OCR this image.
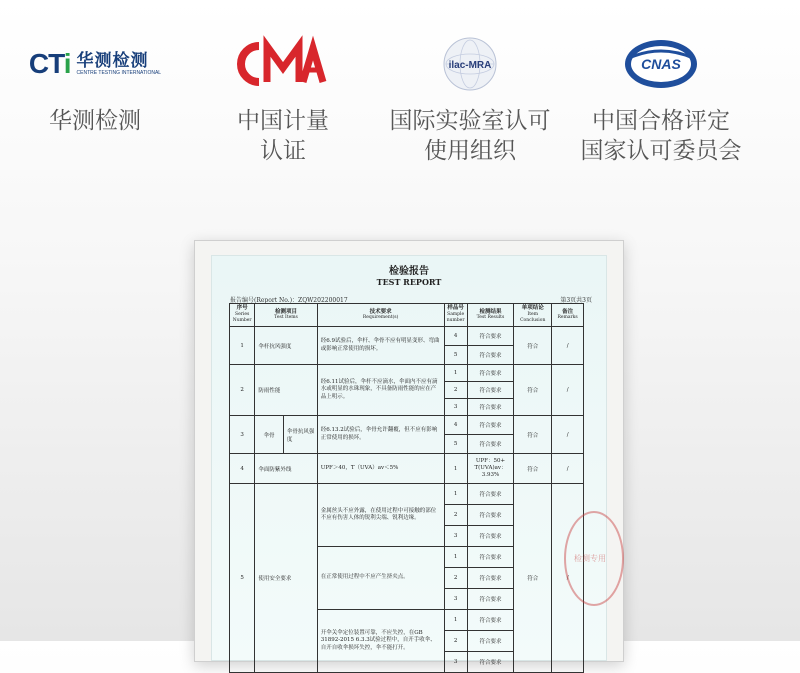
CTi 华测检测
CENTRE TESTING INTERNATIONAL
华测检测	中国计量
认证
ilac-MRA
国际实验室认可
使用组织
CNAS
中国合格评定
国家认可委员会
检验报告
TEST REPORT
报告编号(Report No.)：ZQW202200017	第3页共3页
序号
Series Number	检测项目
Test Items		技术要求
Requirement(s)	样品号
Sample number	检测结果
Test Results	单项结论
Item Conclusion	备注
Remarks

1	伞杆抗风强度		经6.9试验后，伞杆、伞骨不应有明显变形、弯曲或影响正常使用的损坏。	4	符合要求	符合	/
				5	符合要求		
2	防雨性能		经6.11试验后，伞杆不应滴水，伞面内不应有滴水或明显的水珠现象，不具备防雨性能的应在产品上明示。	1	符合要求	符合	/
				2	符合要求		
				3	符合要求		
3	伞骨	伞骨抗风强度	经6.13.2试验后，伞骨允许翻覆，但不应有影响正常使用的损坏。	4	符合要求	符合	/
				5	符合要求		
4	伞面防紫外线		UPF＞40，T（UVA）av＜5%	1	UPF：50+ T(UVA)av：3.93%	符合	/
5	使用安全要求		金属丝头不应外露，在使用过程中可接触的部位不应有伤害人体的锐利尖端、锐利边缘。	1	符合要求	符合	/
				2	符合要求		
				3	符合要求		
			在正常使用过程中不应产生挤夹点。	1	符合要求		
				2	符合要求		
				3	符合要求		
			开伞关伞定位装置可靠，不应失控，在GB 31892-2015 6.3.3试验过程中，自开手收伞、自开自收伞损坏失控，伞不能打开。	1	符合要求		
				2	符合要求		
				3	符合要求		
检测专用
